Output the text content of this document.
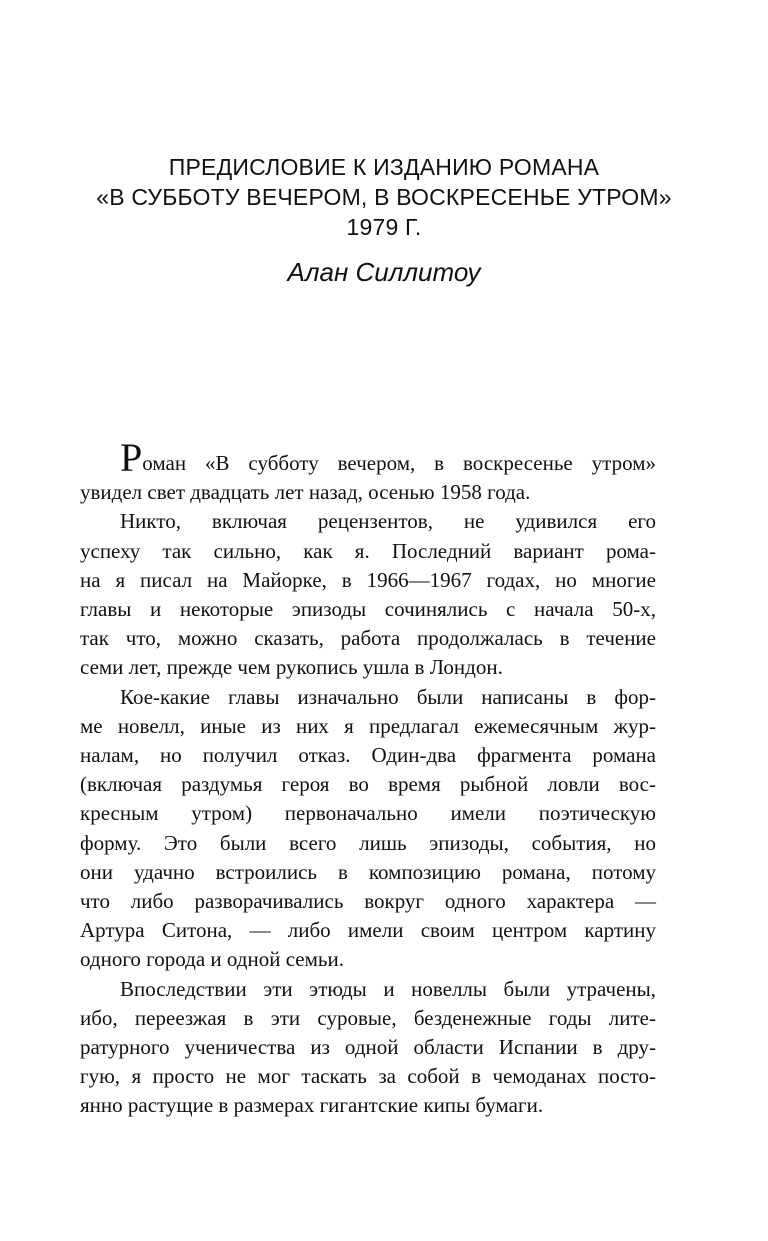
ПРЕДИСЛОВИЕ К ИЗДАНИЮ РОМАНА
«В СУББОТУ ВЕЧЕРОМ, В ВОСКРЕСЕНЬЕ УТРОМ»
1979 Г.
Алан Силлитоу
Роман «В субботу вечером, в воскресенье утром»
увидел свет двадцать лет назад, осенью 1958 года.
Никто, включая рецензентов, не удивился его
успеху так сильно, как я. Последний вариант рома-
на я писал на Майорке, в 1966—1967 годах, но многие
главы и некоторые эпизоды сочинялись с начала 50-х,
так что, можно сказать, работа продолжалась в течение
семи лет, прежде чем рукопись ушла в Лондон.
Кое-какие главы изначально были написаны в фор-
ме новелл, иные из них я предлагал ежемесячным жур-
налам, но получил отказ. Один-два фрагмента романа
(включая раздумья героя во время рыбной ловли вос-
кресным утром) первоначально имели поэтическую
форму. Это были всего лишь эпизоды, события, но
они удачно встроились в композицию романа, потому
что либо разворачивались вокруг одного характера —
Артура Ситона, — либо имели своим центром картину
одного города и одной семьи.
Впоследствии эти этюды и новеллы были утрачены,
ибо, переезжая в эти суровые, безденежные годы лите-
ратурного ученичества из одной области Испании в дру-
гую, я просто не мог таскать за собой в чемоданах посто-
янно растущие в размерах гигантские кипы бумаги.
